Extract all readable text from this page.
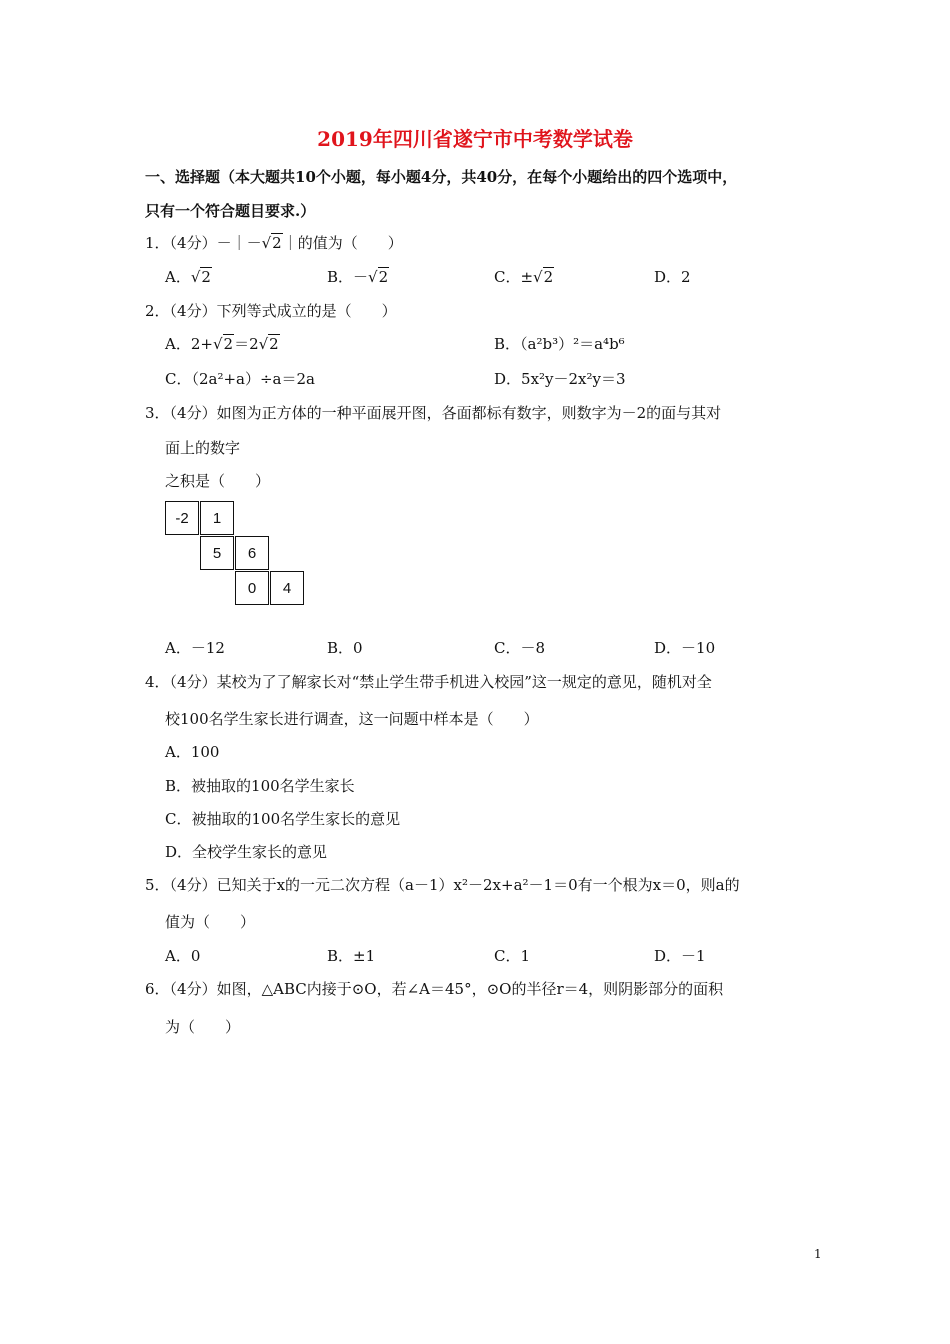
2019年四川省遂宁市中考数学试卷
一、选择题（本大题共10个小题，每小题4分，共40分，在每个小题给出的四个选项中，
只有一个符合题目要求.）
1．（4分）－｜－√2｜的值为（　　）
A．√2	B．－√2	C．±√2	D．2
2．（4分）下列等式成立的是（　　）
A．2+√2＝2√2	B．（a²b³）²＝a⁴b⁶
C．（2a²+a）÷a＝2a	D．5x²y－2x²y＝3
3．（4分）如图为正方体的一种平面展开图，各面都标有数字，则数字为－2的面与其对
面上的数字
之积是（　　）
-2	1
5	6
0	4
A．－12	B．0	C．－8	D．－10
4．（4分）某校为了了解家长对“禁止学生带手机进入校园”这一规定的意见，随机对全
校100名学生家长进行调查，这一问题中样本是（　　）
A．100
B．被抽取的100名学生家长
C．被抽取的100名学生家长的意见
D．全校学生家长的意见
5．（4分）已知关于x的一元二次方程（a－1）x²－2x+a²－1＝0有一个根为x＝0，则a的
值为（　　）
A．0	B．±1	C．1	D．－1
6．（4分）如图，△ABC内接于⊙O，若∠A＝45°，⊙O的半径r＝4，则阴影部分的面积
为（　　）
1
